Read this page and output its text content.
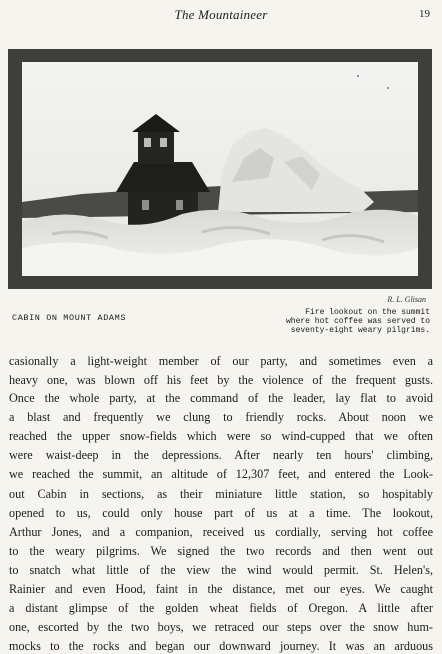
The Mountaineer	19
R. L. Glisan
CABIN ON MOUNT ADAMS
Fire lookout on the summit
where hot coffee was served to
seventy-eight weary pilgrims.
casionally a light-weight member of our party, and sometimes even a
heavy one, was blown off his feet by the violence of the frequent gusts.
Once the whole party, at the command of the leader, lay flat to avoid
a blast and frequently we clung to friendly rocks. About noon we
reached the upper snow-fields which were so wind-cupped that we often
were waist-deep in the depressions. After nearly ten hours' climbing,
we reached the summit, an altitude of 12,307 feet, and entered the Look-
out Cabin in sections, as their miniature little station, so hospitably
opened to us, could only house part of us at a time. The lookout,
Arthur Jones, and a companion, received us cordially, serving hot coffee
to the weary pilgrims. We signed the two records and then went out
to snatch what little of the view the wind would permit. St. Helen's,
Rainier and even Hood, faint in the distance, met our eyes. We caught
a distant glimpse of the golden wheat fields of Oregon. A little after
one, escorted by the two boys, we retraced our steps over the snow hum-
mocks to the rocks and began our downward journey. It was an arduous
